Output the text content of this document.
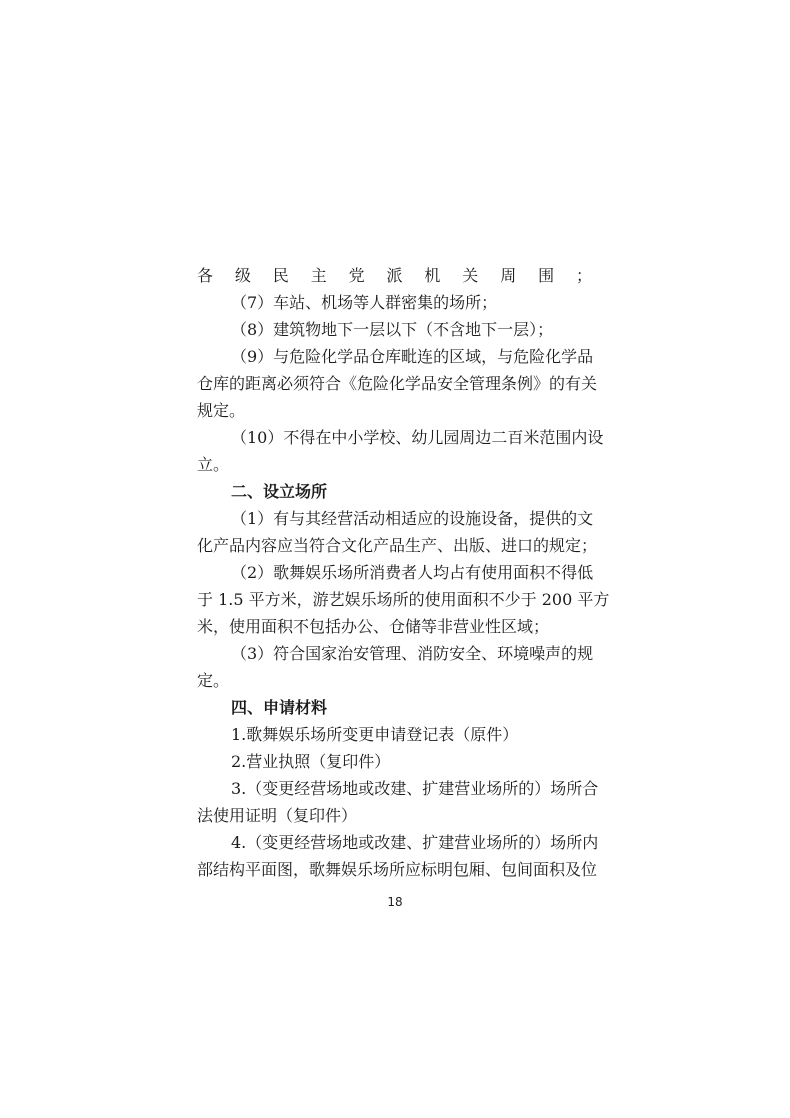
各级民主党派机关周围；
（7）车站、机场等人群密集的场所；
（8）建筑物地下一层以下（不含地下一层）；
（9）与危险化学品仓库毗连的区域，与危险化学品
仓库的距离必须符合《危险化学品安全管理条例》的有关
规定。
（10）不得在中小学校、幼儿园周边二百米范围内设
立。
二、设立场所
（1）有与其经营活动相适应的设施设备，提供的文
化产品内容应当符合文化产品生产、出版、进口的规定；
（2）歌舞娱乐场所消费者人均占有使用面积不得低
于 1.5 平方米，游艺娱乐场所的使用面积不少于 200 平方
米，使用面积不包括办公、仓储等非营业性区域；
（3）符合国家治安管理、消防安全、环境噪声的规
定。
四、申请材料
1.歌舞娱乐场所变更申请登记表（原件）
2.营业执照（复印件）
3.（变更经营场地或改建、扩建营业场所的）场所合
法使用证明（复印件）
4.（变更经营场地或改建、扩建营业场所的）场所内
部结构平面图，歌舞娱乐场所应标明包厢、包间面积及位
18
